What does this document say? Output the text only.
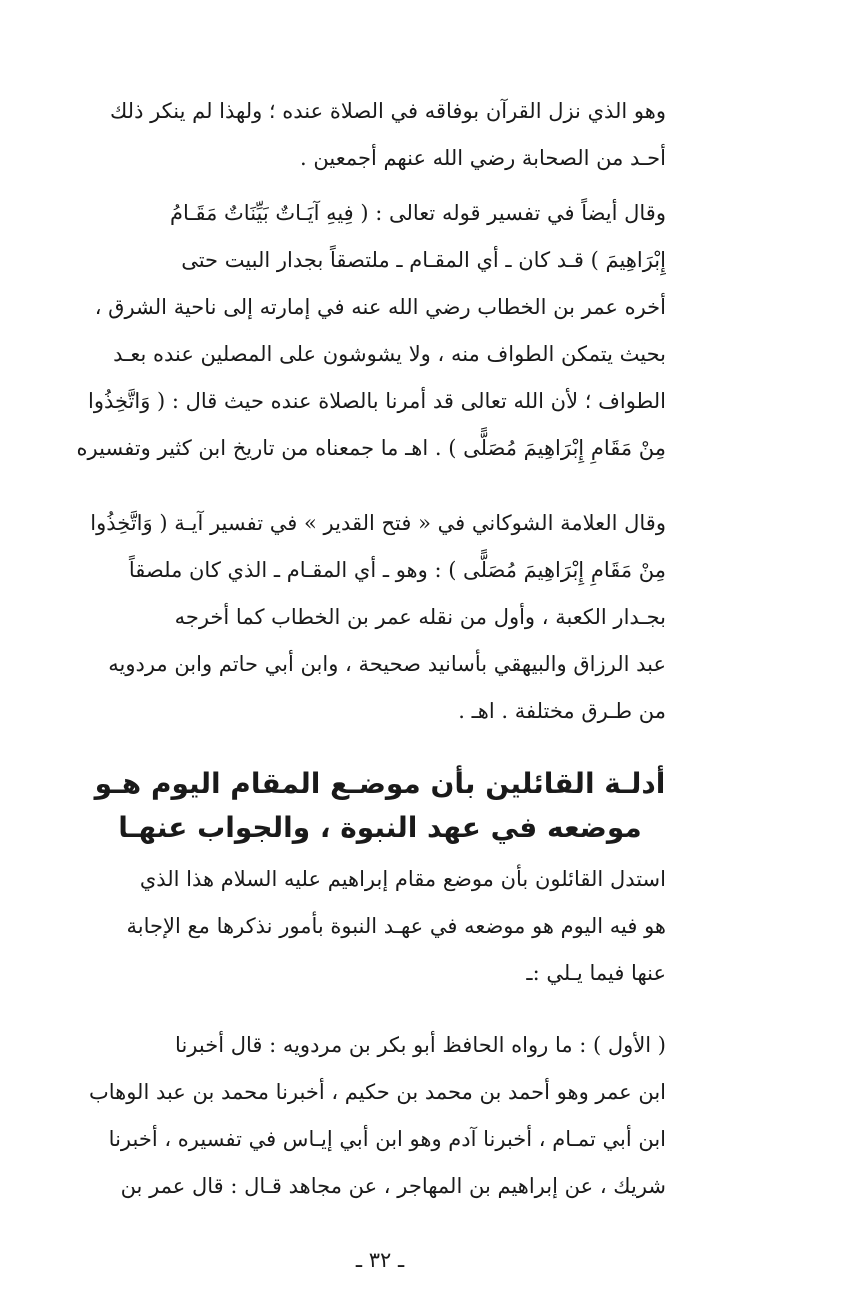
وهو الذي نزل القرآن بوفاقه في الصلاة عنده ؛ ولهذا لم ينكر ذلك
أحـد من الصحابة رضي الله عنهم أجمعين .
وقال أيضاً في تفسير قوله تعالى : ( فِيهِ آيَـاتٌ بَيِّنَاتٌ مَقَـامُ
إِبْرَاهِيمَ ) قـد كان ـ أي المقـام ـ ملتصقاً بجدار البيت حتى
أخره عمر بن الخطاب رضي الله عنه في إمارته إلى ناحية الشرق ،
بحيث يتمكن الطواف منه ، ولا يشوشون على المصلين عنده بعـد
الطواف ؛ لأن الله تعالى قد أمرنا بالصلاة عنده حيث قال : ( وَاتَّخِذُوا
مِنْ مَقَامِ إِبْرَاهِيمَ مُصَلًّى ) . اهـ ما جمعناه من تاريخ ابن كثير وتفسيره
وقال العلامة الشوكاني في « فتح القدير » في تفسير آيـة ( وَاتَّخِذُوا
مِنْ مَقَامِ إِبْرَاهِيمَ مُصَلًّى ) : وهو ـ أي المقـام ـ الذي كان ملصقاً
بجـدار الكعبة ، وأول من نقله عمر بن الخطاب كما أخرجه
عبد الرزاق والبيهقي بأسانيد صحيحة ، وابن أبي حاتم وابن مردويه
من طـرق مختلفة . اهـ .
أدلـة القائلين بأن موضـع المقام اليوم هـو
موضعه في عهد النبوة ، والجواب عنهـا
استدل القائلون بأن موضع مقام إبراهيم عليه السلام هذا الذي
هو فيه اليوم هو موضعه في عهـد النبوة بأمور نذكرها مع الإجابة
عنها فيما يـلي :ـ
( الأول ) : ما رواه الحافظ أبو بكر بن مردويه : قال أخبرنا
ابن عمر وهو أحمد بن محمد بن حكيم ، أخبرنا محمد بن عبد الوهاب
ابن أبي تمـام ، أخبرنا آدم وهو ابن أبي إيـاس في تفسيره ، أخبرنا
شريك ، عن إبراهيم بن المهاجر ، عن مجاهد قـال : قال عمر بن
ـ ٣٢ ـ
